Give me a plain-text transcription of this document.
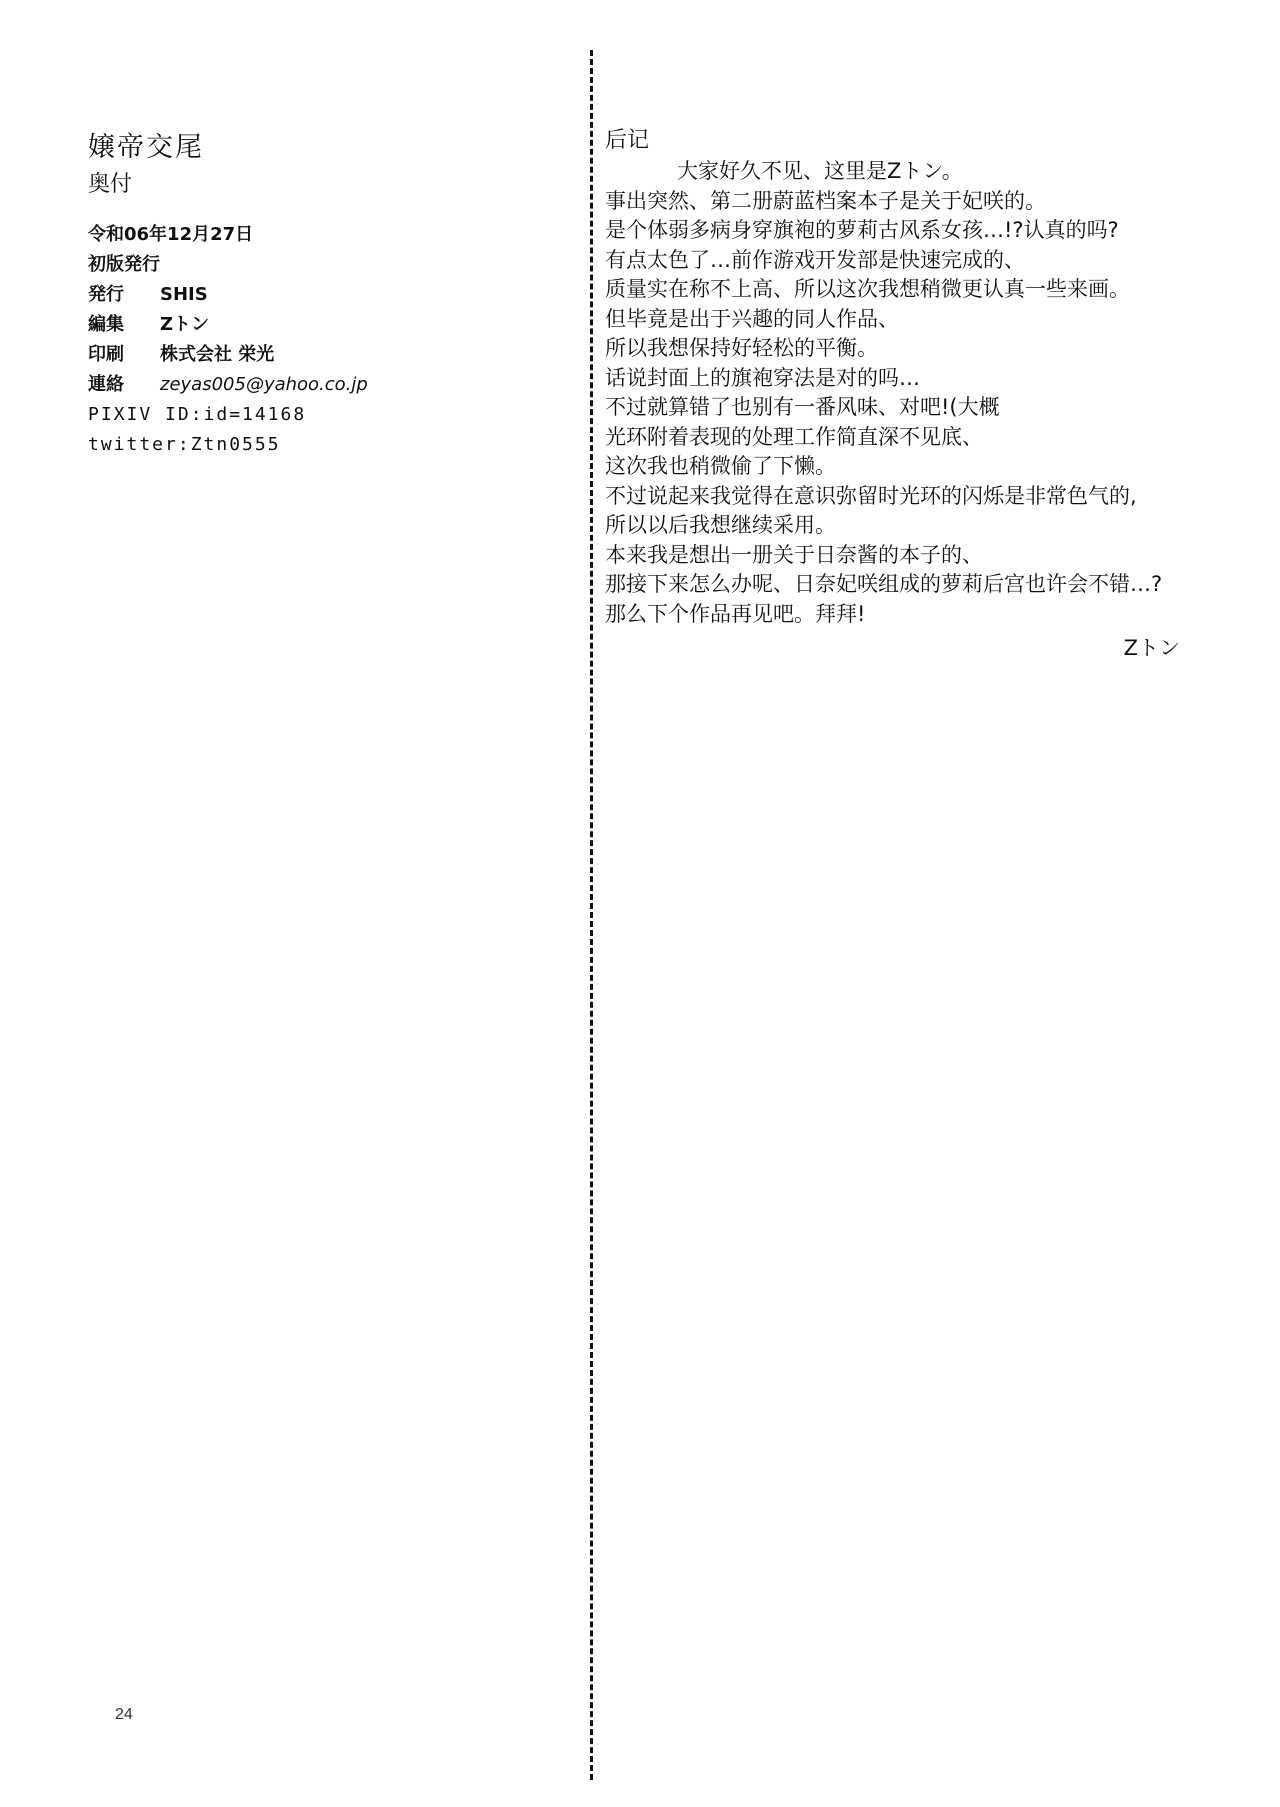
嬢帝交尾
奥付
令和06年12月27日
初版発行
発行 SHIS
編集 Zトン
印刷 株式会社 栄光
連絡 zeyas005@yahoo.co.jp
PIXIV ID:id=14168
twitter:Ztn0555
后记
大家好久不见、这里是Zトン。
事出突然、第二册蔚蓝档案本子是关于妃咲的。
是个体弱多病身穿旗袍的萝莉古风系女孩…!?认真的吗?
有点太色了…前作游戏开发部是快速完成的、
质量实在称不上高、所以这次我想稍微更认真一些来画。
但毕竟是出于兴趣的同人作品、
所以我想保持好轻松的平衡。
话说封面上的旗袍穿法是对的吗…
不过就算错了也别有一番风味、对吧!(大概
光环附着表现的处理工作简直深不见底、
这次我也稍微偷了下懒。
不过说起来我觉得在意识弥留时光环的闪烁是非常色气的,
所以以后我想继续采用。
本来我是想出一册关于日奈酱的本子的、
那接下来怎么办呢、日奈妃咲组成的萝莉后宫也许会不错…?
那么下个作品再见吧。拜拜!
Zトン
24
